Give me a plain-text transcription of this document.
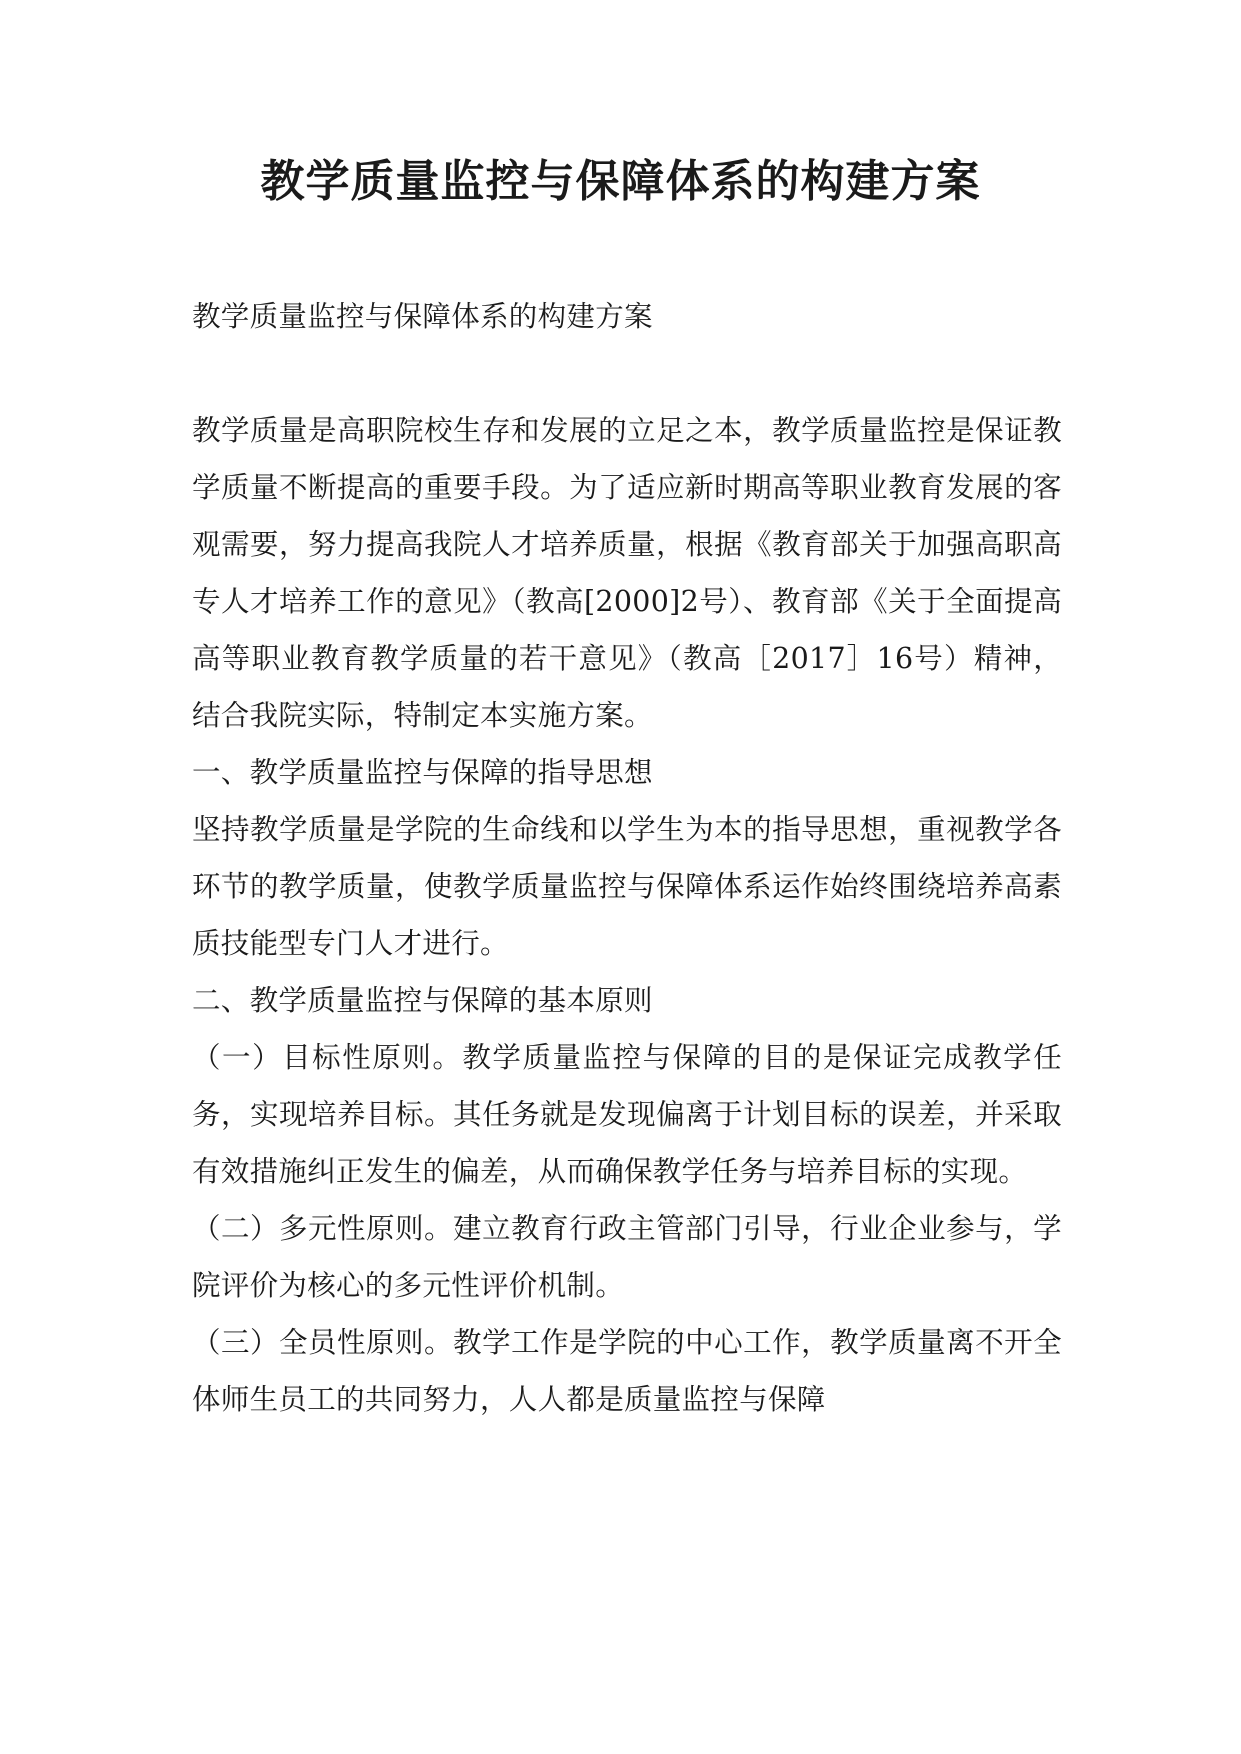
教学质量监控与保障体系的构建方案

教学质量监控与保障体系的构建方案

教学质量是高职院校生存和发展的立足之本，教学质量监控是保证教学质量不断提高的重要手段。为了适应新时期高等职业教育发展的客观需要，努力提高我院人才培养质量，根据《教育部关于加强高职高专人才培养工作的意见》（教高[2000]2号）、教育部《关于全面提高高等职业教育教学质量的若干意见》（教高［2017］16号）精神，结合我院实际，特制定本实施方案。

一、教学质量监控与保障的指导思想

坚持教学质量是学院的生命线和以学生为本的指导思想，重视教学各环节的教学质量，使教学质量监控与保障体系运作始终围绕培养高素质技能型专门人才进行。

二、教学质量监控与保障的基本原则

（一）目标性原则。教学质量监控与保障的目的是保证完成教学任务，实现培养目标。其任务就是发现偏离于计划目标的误差，并采取有效措施纠正发生的偏差，从而确保教学任务与培养目标的实现。

（二）多元性原则。建立教育行政主管部门引导，行业企业参与，学院评价为核心的多元性评价机制。

（三）全员性原则。教学工作是学院的中心工作，教学质量离不开全体师生员工的共同努力，人人都是质量监控与保障
